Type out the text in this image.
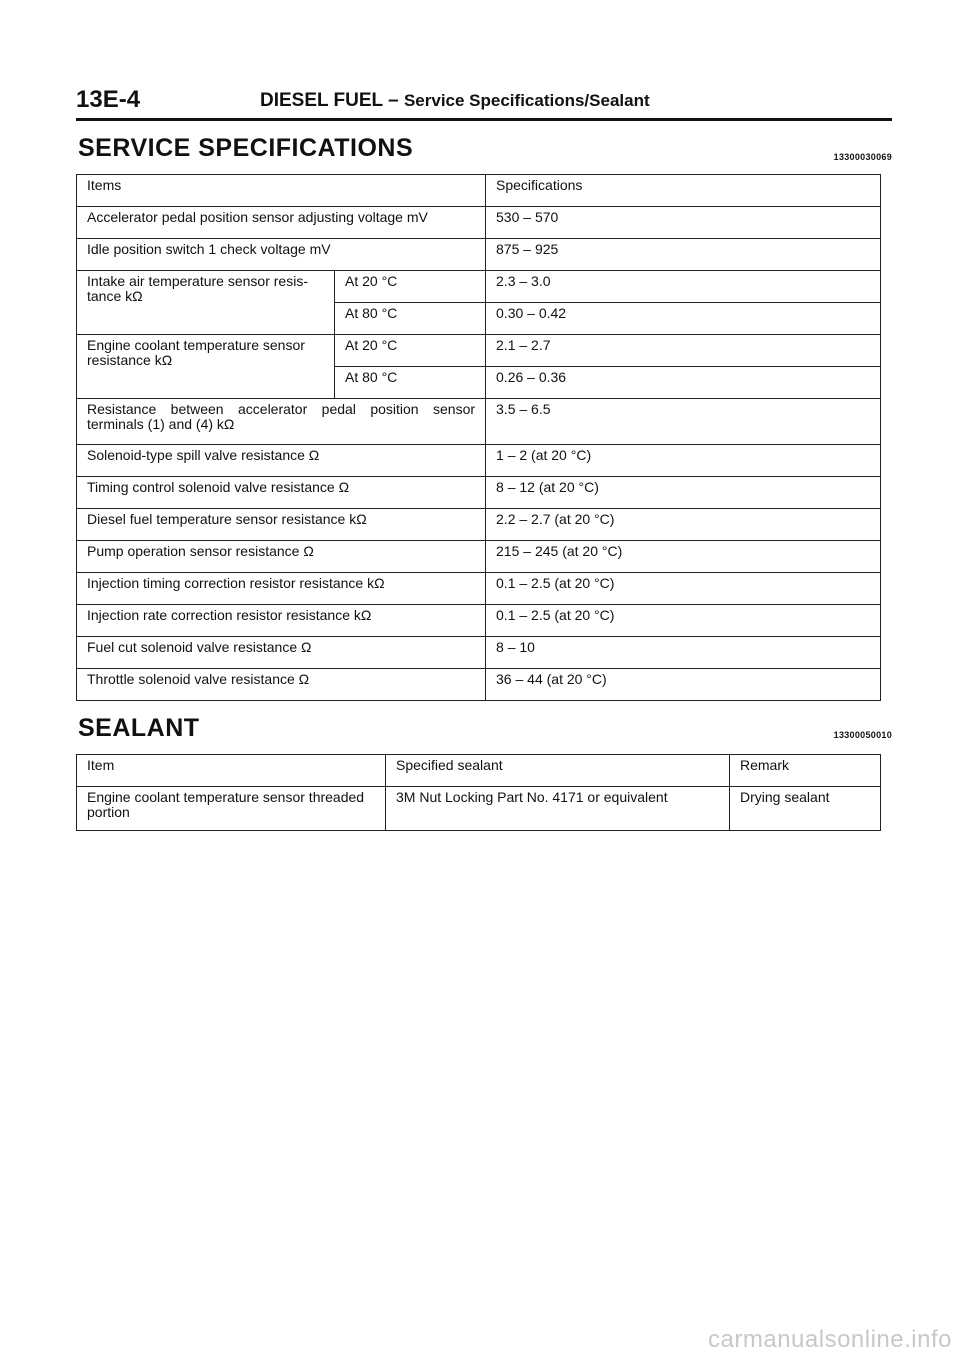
13E-4	DIESEL FUEL – Service Specifications/Sealant
SERVICE SPECIFICATIONS	13300030069
Items		Specifications
Accelerator pedal position sensor adjusting voltage mV		530 – 570
Idle position switch 1 check voltage mV		875 – 925
Intake air temperature sensor resis- tance kΩ	At 20 °C	2.3 – 3.0
	At 80 °C	0.30 – 0.42
Engine coolant temperature sensor resistance kΩ	At 20 °C	2.1 – 2.7
	At 80 °C	0.26 – 0.36
Resistance between accelerator pedal position sensor terminals (1) and (4) kΩ		3.5 – 6.5
Solenoid-type spill valve resistance Ω		1 – 2 (at 20 °C)
Timing control solenoid valve resistance Ω		8 – 12 (at 20 °C)
Diesel fuel temperature sensor resistance kΩ		2.2 – 2.7 (at 20 °C)
Pump operation sensor resistance Ω		215 – 245 (at 20 °C)
Injection timing correction resistor resistance kΩ		0.1 – 2.5 (at 20 °C)
Injection rate correction resistor resistance kΩ		0.1 – 2.5 (at 20 °C)
Fuel cut solenoid valve resistance Ω		8 – 10
Throttle solenoid valve resistance Ω		36 – 44 (at 20 °C)
SEALANT	13300050010
Item	Specified sealant	Remark
Engine coolant temperature sensor threaded portion	3M Nut Locking Part No. 4171 or equivalent	Drying sealant
carmanualsonline.info
